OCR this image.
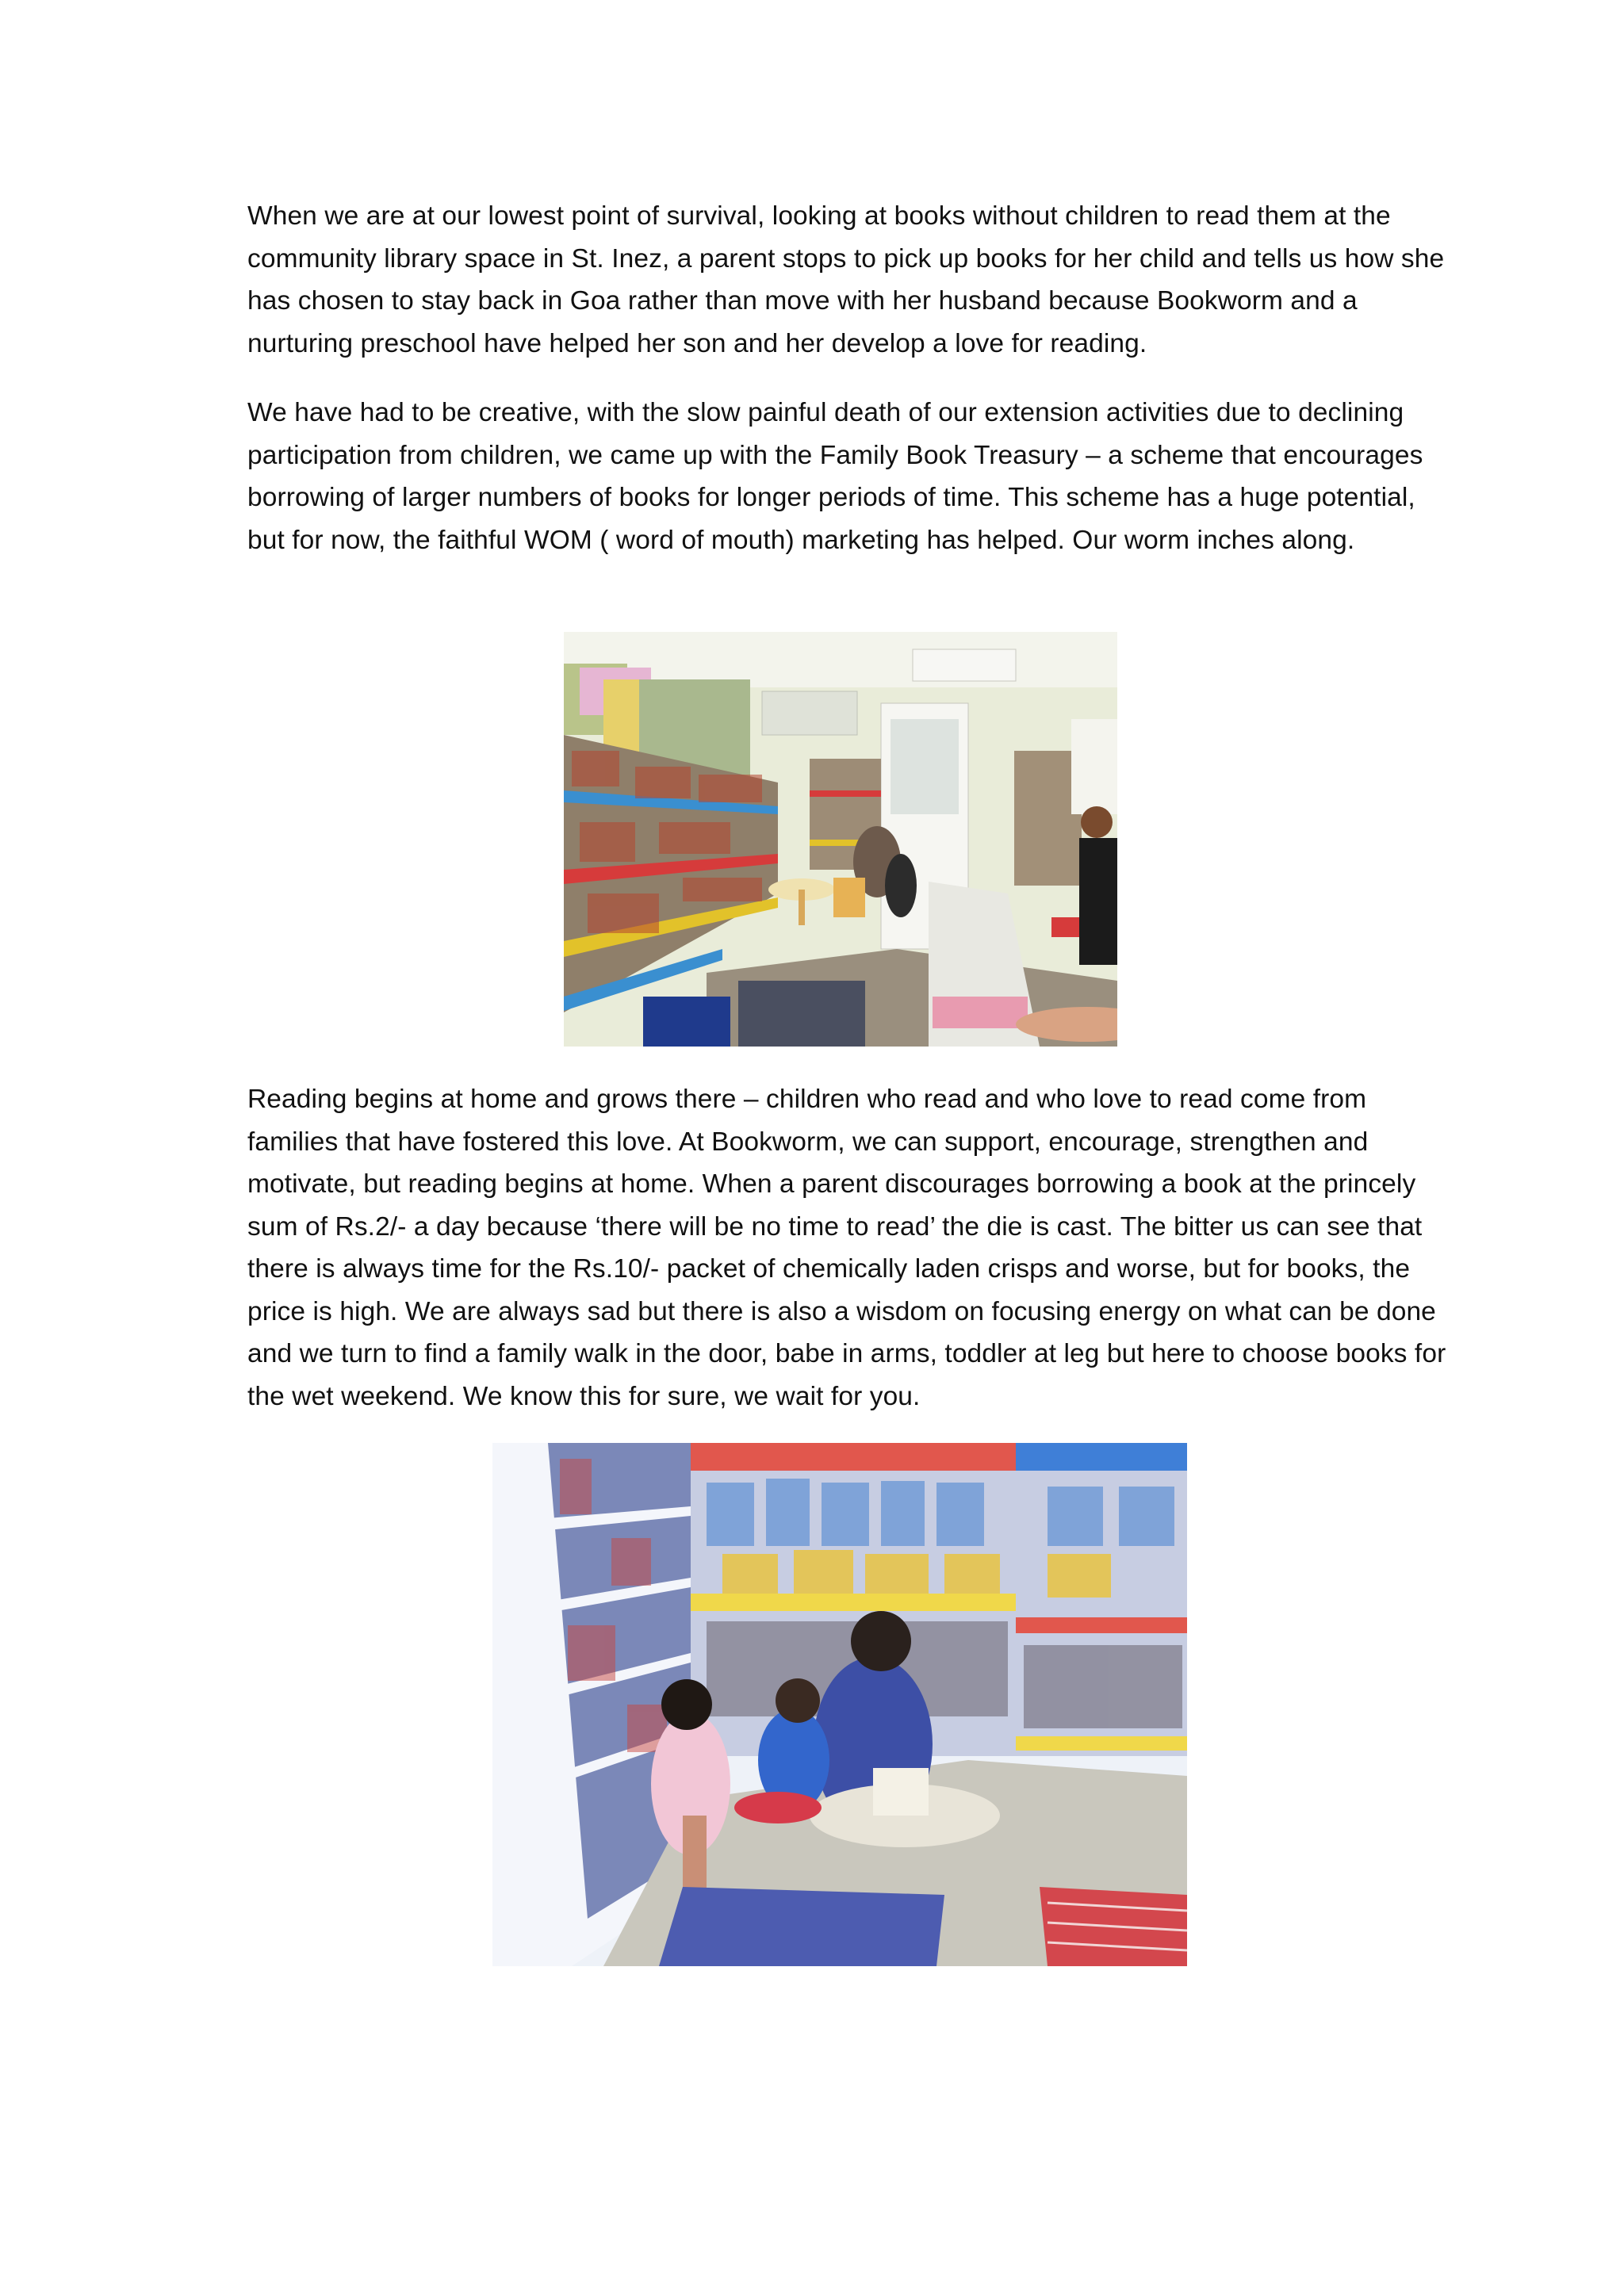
When we are at our lowest point of survival, looking at books without children to read them at the community library space in St. Inez, a parent stops to pick up books for her child and tells us how she has chosen to stay back in Goa rather than move with her husband because Bookworm and a nurturing preschool have helped her son and her develop a love for reading.

We have had to be creative, with the slow painful death of our extension activities due to declining participation from children, we came up with the Family Book Treasury – a scheme that encourages borrowing of larger numbers of books for longer periods of time. This scheme has a huge potential, but for now, the faithful WOM ( word of mouth) marketing has helped. Our worm inches along.

Reading begins at home and grows there – children who read and who love to read come from families that have fostered this love. At Bookworm, we can support, encourage, strengthen and motivate, but reading begins at home. When a parent discourages borrowing a book at the princely sum of Rs.2/- a day because ‘there will be no time to read’ the die is cast. The bitter us can see that there is always time for the Rs.10/- packet of chemically laden crisps and worse, but for books, the price is high. We are always sad but there is also a wisdom on focusing energy on what can be done and we turn to find a family walk in the door, babe in arms, toddler at leg but here to choose books for the wet weekend. We know this for sure, we wait for you.
